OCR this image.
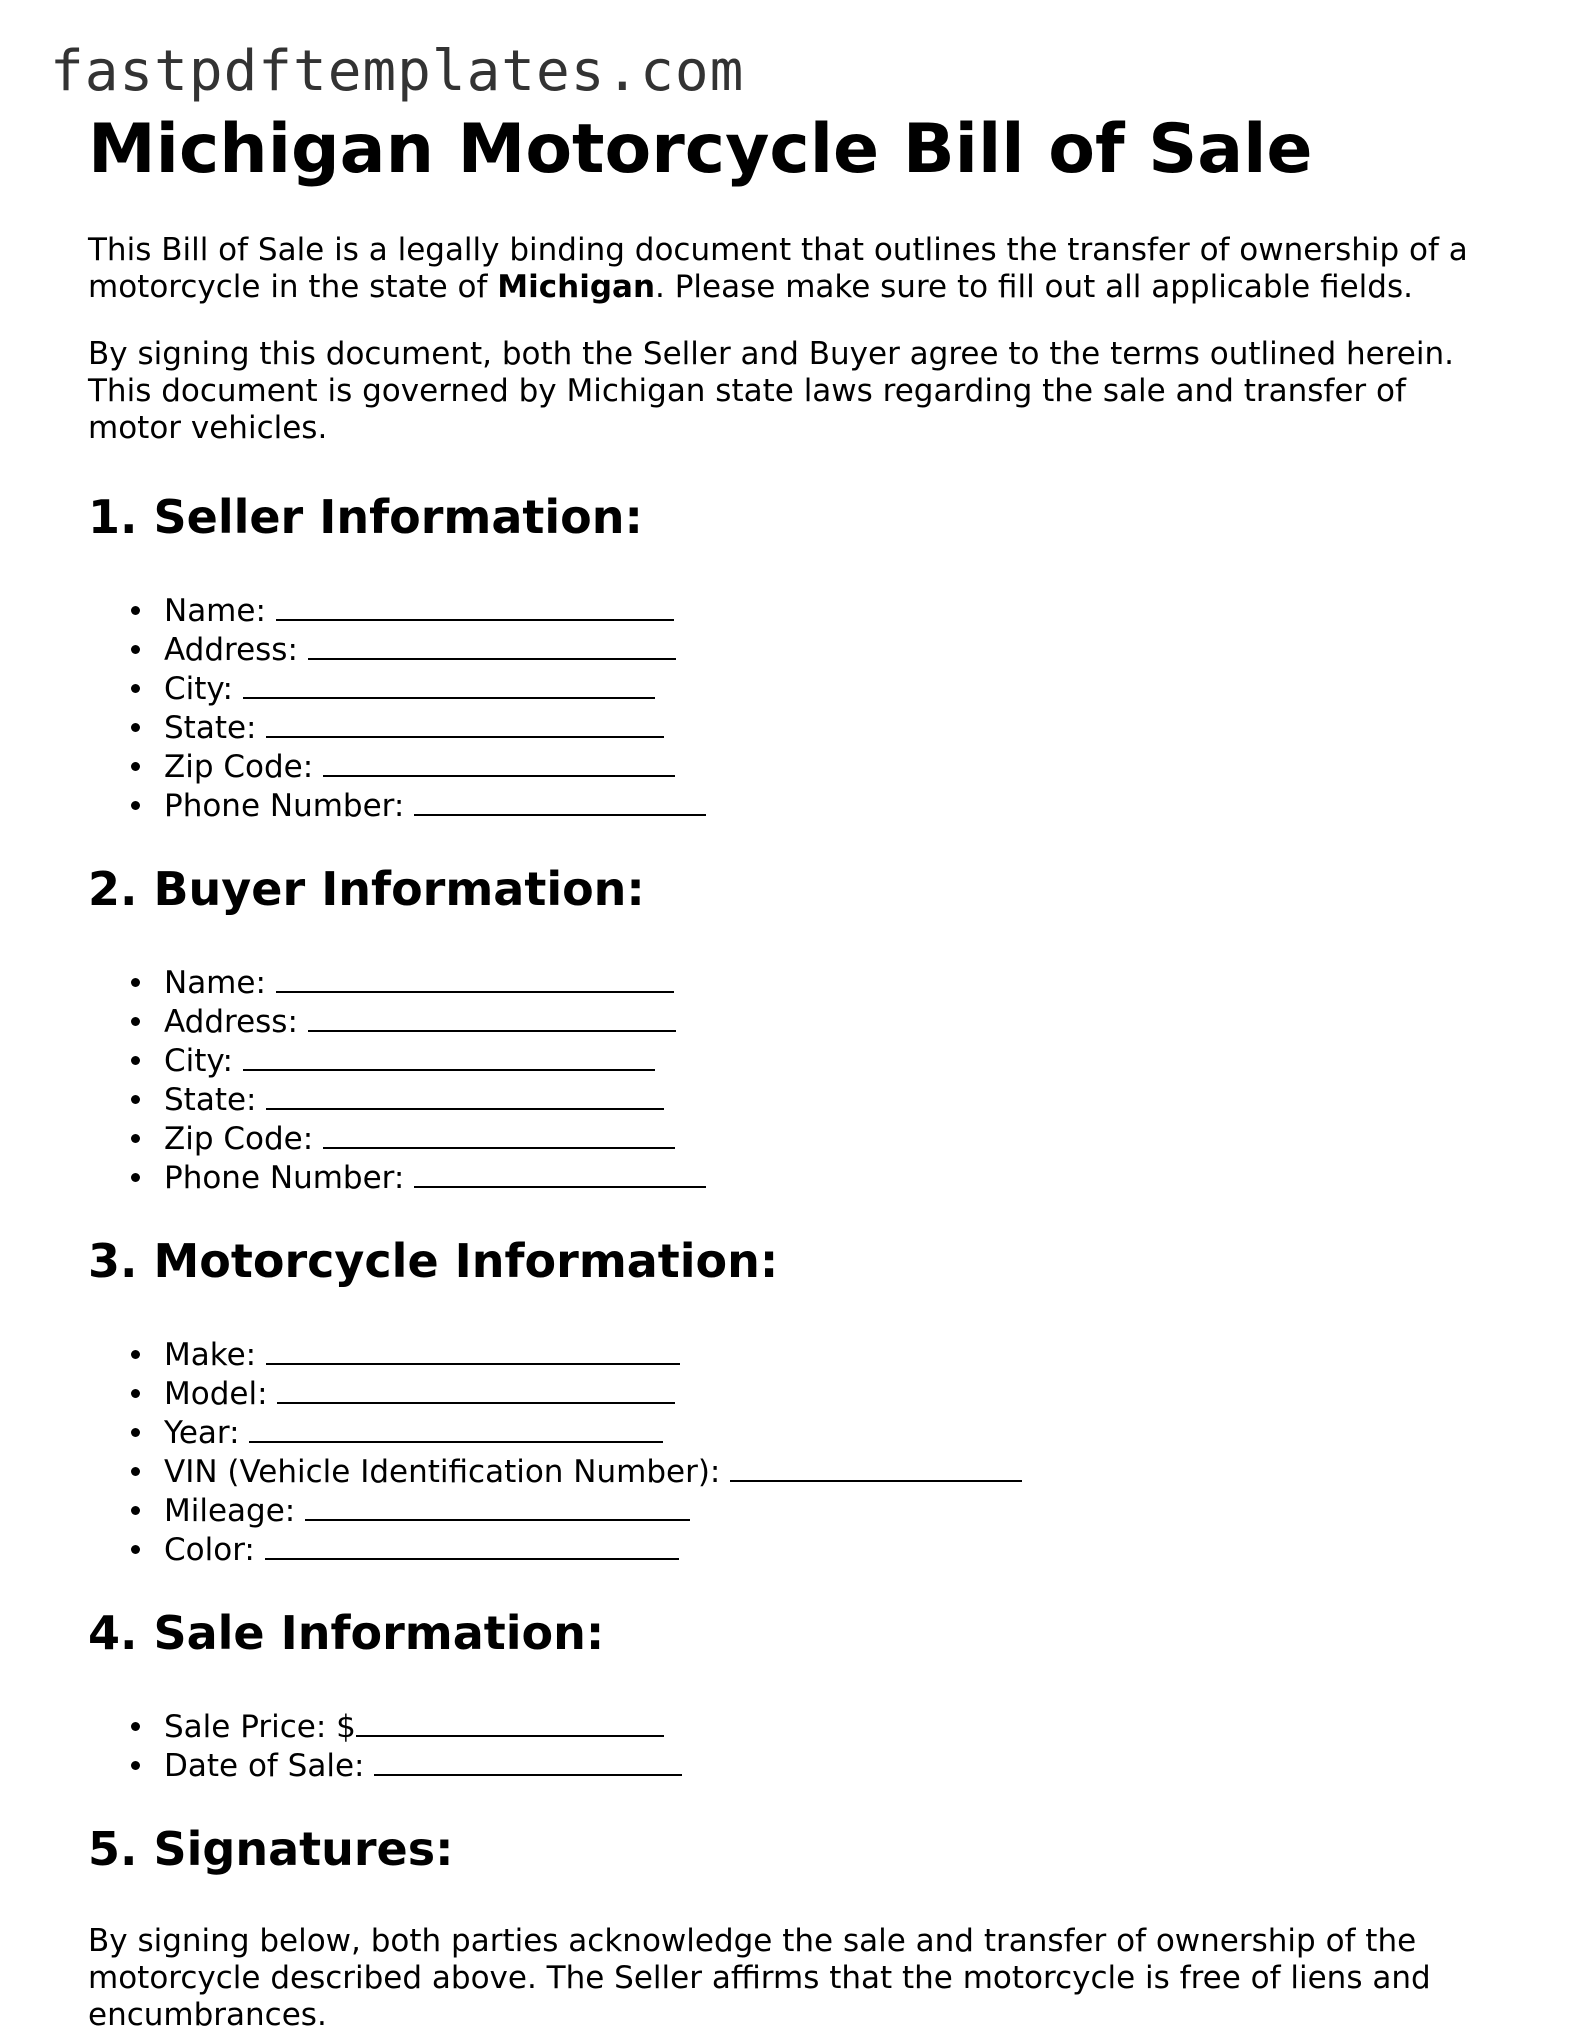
fastpdftemplates.com
Michigan Motorcycle Bill of Sale

This Bill of Sale is a legally binding document that outlines the transfer of ownership of a motorcycle in the state of Michigan. Please make sure to fill out all applicable fields.

By signing this document, both the Seller and Buyer agree to the terms outlined herein. This document is governed by Michigan state laws regarding the sale and transfer of motor vehicles.

1. Seller Information:
Name:
Address:
City:
State:
Zip Code:
Phone Number:
2. Buyer Information:
Name:
Address:
City:
State:
Zip Code:
Phone Number:
3. Motorcycle Information:
Make:
Model:
Year:
VIN (Vehicle Identification Number):
Mileage:
Color:
4. Sale Information:
Sale Price: $
Date of Sale:
5. Signatures:

By signing below, both parties acknowledge the sale and transfer of ownership of the motorcycle described above. The Seller affirms that the motorcycle is free of liens and encumbrances.
